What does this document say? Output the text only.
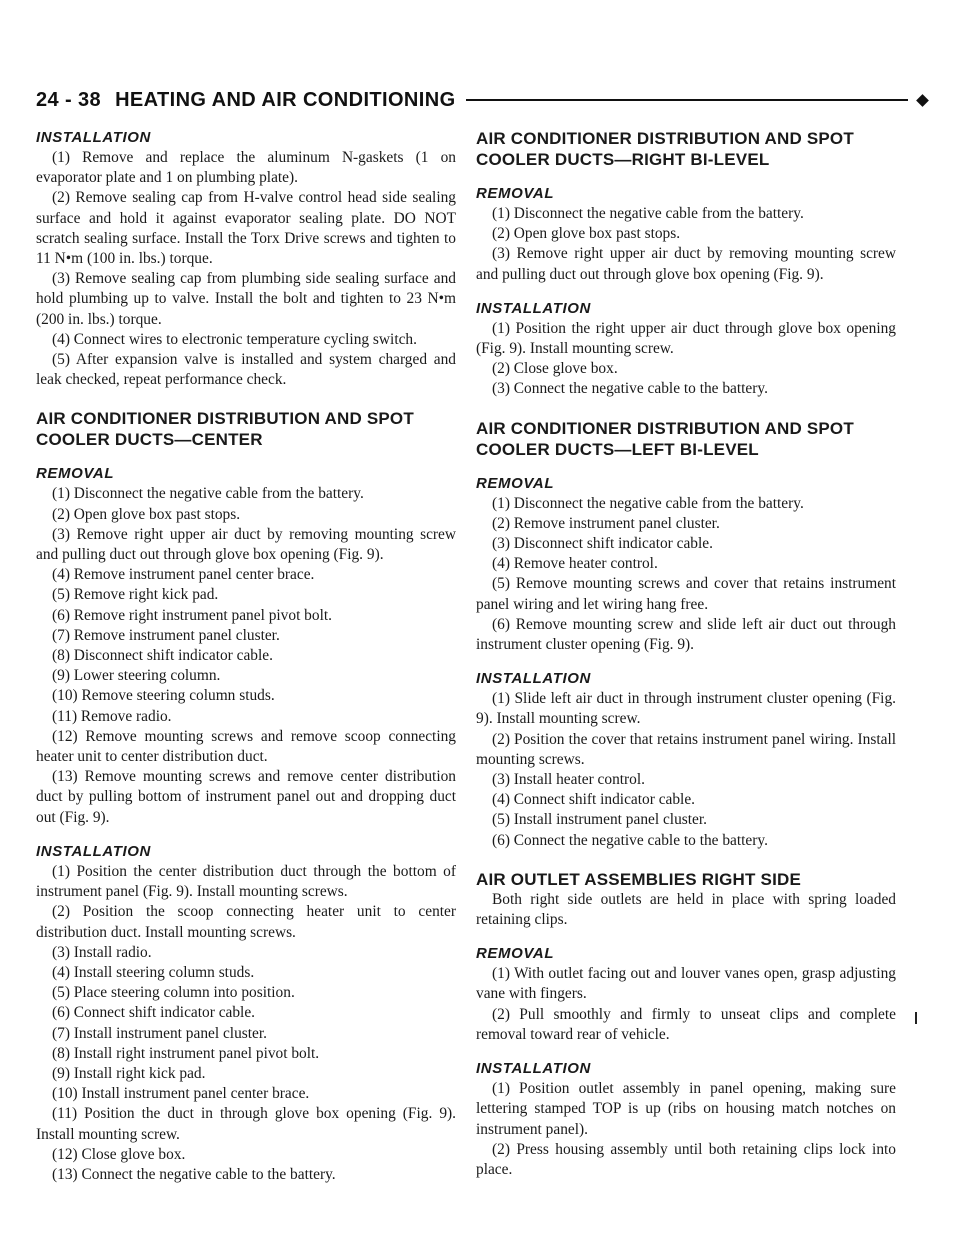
24 - 38 HEATING AND AIR CONDITIONING
INSTALLATION

(1) Remove and replace the aluminum N-gaskets (1 on evaporator plate and 1 on plumbing plate).

(2) Remove sealing cap from H-valve control head side sealing surface and hold it against evaporator sealing plate. DO NOT scratch sealing surface. Install the Torx Drive screws and tighten to 11 N•m (100 in. lbs.) torque.

(3) Remove sealing cap from plumbing side sealing surface and hold plumbing up to valve. Install the bolt and tighten to 23 N•m (200 in. lbs.) torque.

(4) Connect wires to electronic temperature cycling switch.

(5) After expansion valve is installed and system charged and leak checked, repeat performance check.

AIR CONDITIONER DISTRIBUTION AND SPOT
COOLER DUCTS—CENTER
REMOVAL

(1) Disconnect the negative cable from the battery.

(2) Open glove box past stops.

(3) Remove right upper air duct by removing mounting screw and pulling duct out through glove box opening (Fig. 9).

(4) Remove instrument panel center brace.

(5) Remove right kick pad.

(6) Remove right instrument panel pivot bolt.

(7) Remove instrument panel cluster.

(8) Disconnect shift indicator cable.

(9) Lower steering column.

(10) Remove steering column studs.

(11) Remove radio.

(12) Remove mounting screws and remove scoop connecting heater unit to center distribution duct.

(13) Remove mounting screws and remove center distribution duct by pulling bottom of instrument panel out and dropping duct out (Fig. 9).

INSTALLATION

(1) Position the center distribution duct through the bottom of instrument panel (Fig. 9). Install mounting screws.

(2) Position the scoop connecting heater unit to center distribution duct. Install mounting screws.

(3) Install radio.

(4) Install steering column studs.

(5) Place steering column into position.

(6) Connect shift indicator cable.

(7) Install instrument panel cluster.

(8) Install right instrument panel pivot bolt.

(9) Install right kick pad.

(10) Install instrument panel center brace.

(11) Position the duct in through glove box opening (Fig. 9). Install mounting screw.

(12) Close glove box.

(13) Connect the negative cable to the battery.

AIR CONDITIONER DISTRIBUTION AND SPOT
COOLER DUCTS—RIGHT BI-LEVEL
REMOVAL

(1) Disconnect the negative cable from the battery.

(2) Open glove box past stops.

(3) Remove right upper air duct by removing mounting screw and pulling duct out through glove box opening (Fig. 9).

INSTALLATION

(1) Position the right upper air duct through glove box opening (Fig. 9). Install mounting screw.

(2) Close glove box.

(3) Connect the negative cable to the battery.

AIR CONDITIONER DISTRIBUTION AND SPOT
COOLER DUCTS—LEFT BI-LEVEL
REMOVAL

(1) Disconnect the negative cable from the battery.

(2) Remove instrument panel cluster.

(3) Disconnect shift indicator cable.

(4) Remove heater control.

(5) Remove mounting screws and cover that retains instrument panel wiring and let wiring hang free.

(6) Remove mounting screw and slide left air duct out through instrument cluster opening (Fig. 9).

INSTALLATION

(1) Slide left air duct in through instrument cluster opening (Fig. 9). Install mounting screw.

(2) Position the cover that retains instrument panel wiring. Install mounting screws.

(3) Install heater control.

(4) Connect shift indicator cable.

(5) Install instrument panel cluster.

(6) Connect the negative cable to the battery.

AIR OUTLET ASSEMBLIES RIGHT SIDE

Both right side outlets are held in place with spring loaded retaining clips.

REMOVAL

(1) With outlet facing out and louver vanes open, grasp adjusting vane with fingers.

(2) Pull smoothly and firmly to unseat clips and complete removal toward rear of vehicle.

INSTALLATION

(1) Position outlet assembly in panel opening, making sure lettering stamped TOP is up (ribs on housing match notches on instrument panel).

(2) Press housing assembly until both retaining clips lock into place.
